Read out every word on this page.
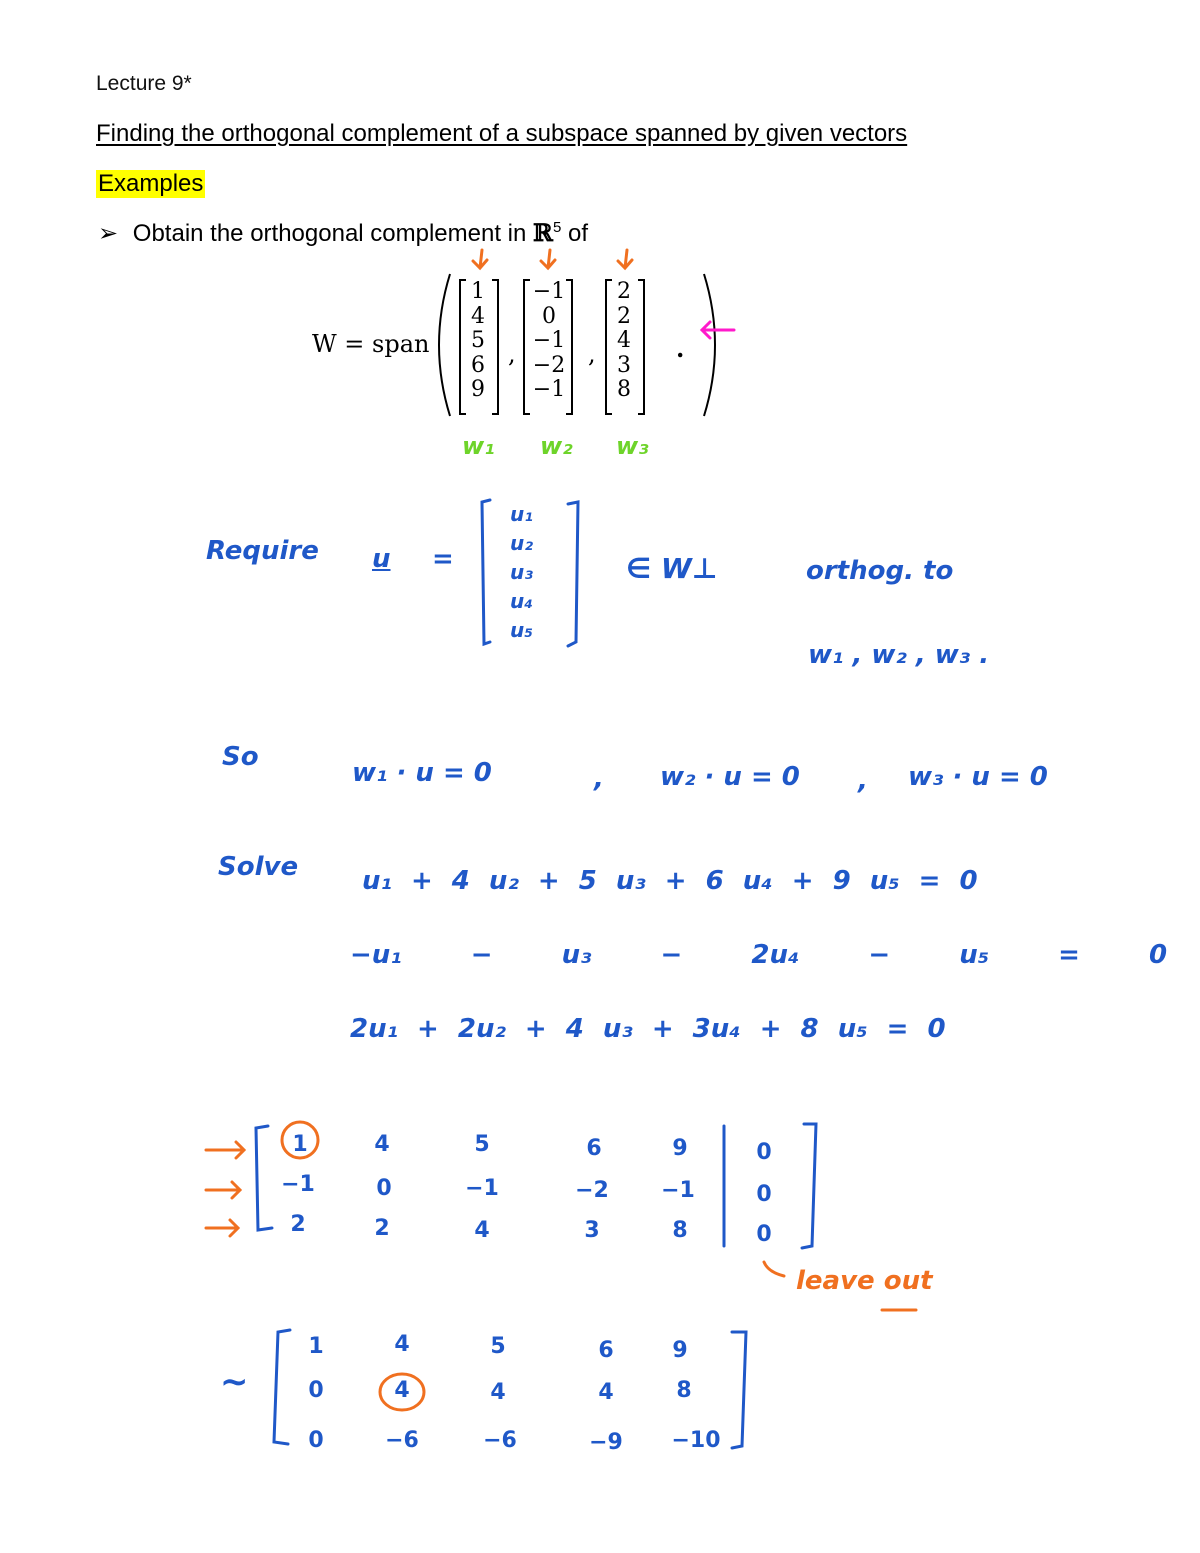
Lecture 9*
Finding the orthogonal complement of a subspace spanned by given vectors
Examples
➢ Obtain the orthogonal complement in ℝ$^5$ of
W = span
1
4
5
6
9
,
−1
0
−1
−2
−1
,
2
2
4
3
8
.
w₁ w₂ w₃
Require u =
u₁
u₂
u₃
u₄
u₅
∈ W⊥	orthog. to
w₁ , w₂ , w₃ .
So
w₁ · u = 0	, w₂ · u = 0 , w₃ · u = 0
Solve u₁ + 4 u₂ + 5 u₃ + 6 u₄ + 9 u₅ = 0
−u₁ − u₃ − 2u₄ − u₅ = 0
2u₁ + 2u₂ + 4 u₃ + 3u₄ + 8 u₅ = 0
1	4	5	6	9	0
−1	0	−1	−2 −1	0
2	2	4	3	8	0
leave out
∼
1	4	5	6	9
0	4	4	4	8
0	−6	−6	−9 −10
